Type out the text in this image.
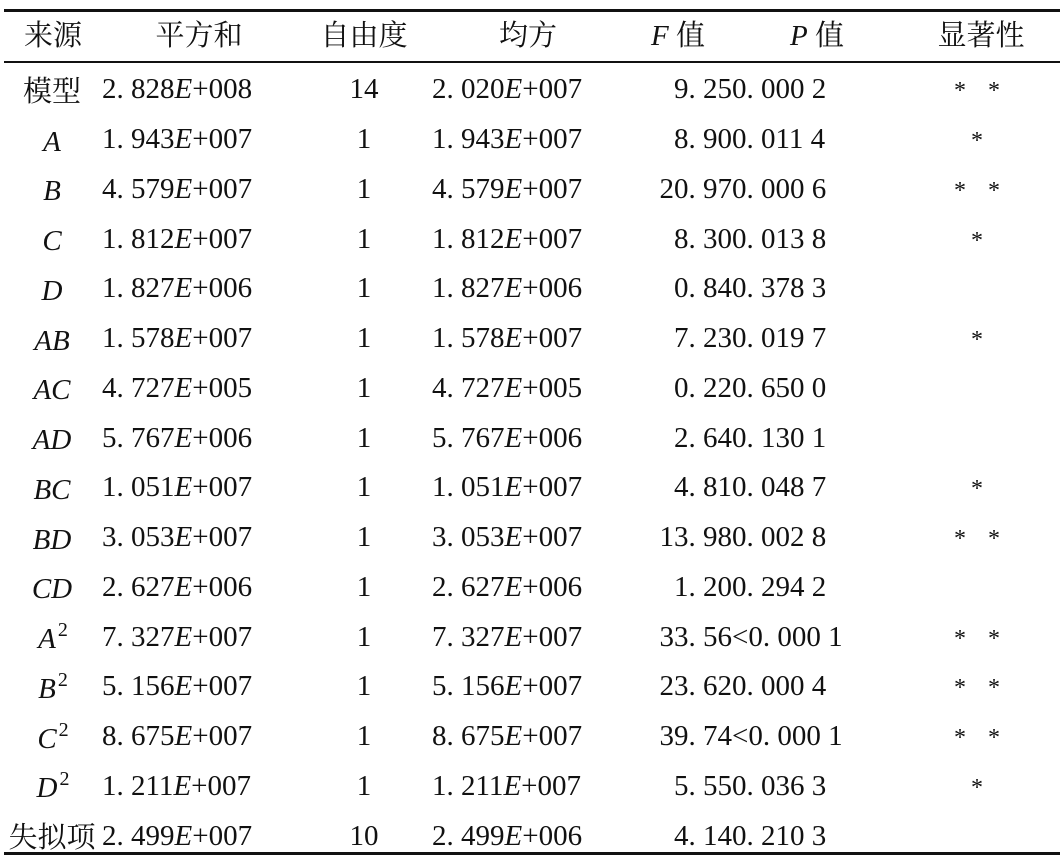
来源	平方和	自由度	均方	F 值	P 值	显著性

模型	2. 828E+008	14	2. 020E+007	9. 25	0. 000 2	* *
A	1. 943E+007	1	1. 943E+007	8. 90	0. 011 4	*
B	4. 579E+007	1	4. 579E+007	20. 97	0. 000 6	* *
C	1. 812E+007	1	1. 812E+007	8. 30	0. 013 8	*
D	1. 827E+006	1	1. 827E+006	0. 84	0. 378 3	
AB	1. 578E+007	1	1. 578E+007	7. 23	0. 019 7	*
AC	4. 727E+005	1	4. 727E+005	0. 22	0. 650 0	
AD	5. 767E+006	1	5. 767E+006	2. 64	0. 130 1	
BC	1. 051E+007	1	1. 051E+007	4. 81	0. 048 7	*
BD	3. 053E+007	1	3. 053E+007	13. 98	0. 002 8	* *
CD	2. 627E+006	1	2. 627E+006	1. 20	0. 294 2	
A $^2$	7. 327E+007	1	7. 327E+007	33. 56	<0. 000 1	* *
B $^2$	5. 156E+007	1	5. 156E+007	23. 62	0. 000 4	* *
C $^2$	8. 675E+007	1	8. 675E+007	39. 74	<0. 000 1	* *
D $^2$	1. 211E+007	1	1. 211E+007	5. 55	0. 036 3	*
失拟项	2. 499E+007	10	2. 499E+006	4. 14	0. 210 3	
